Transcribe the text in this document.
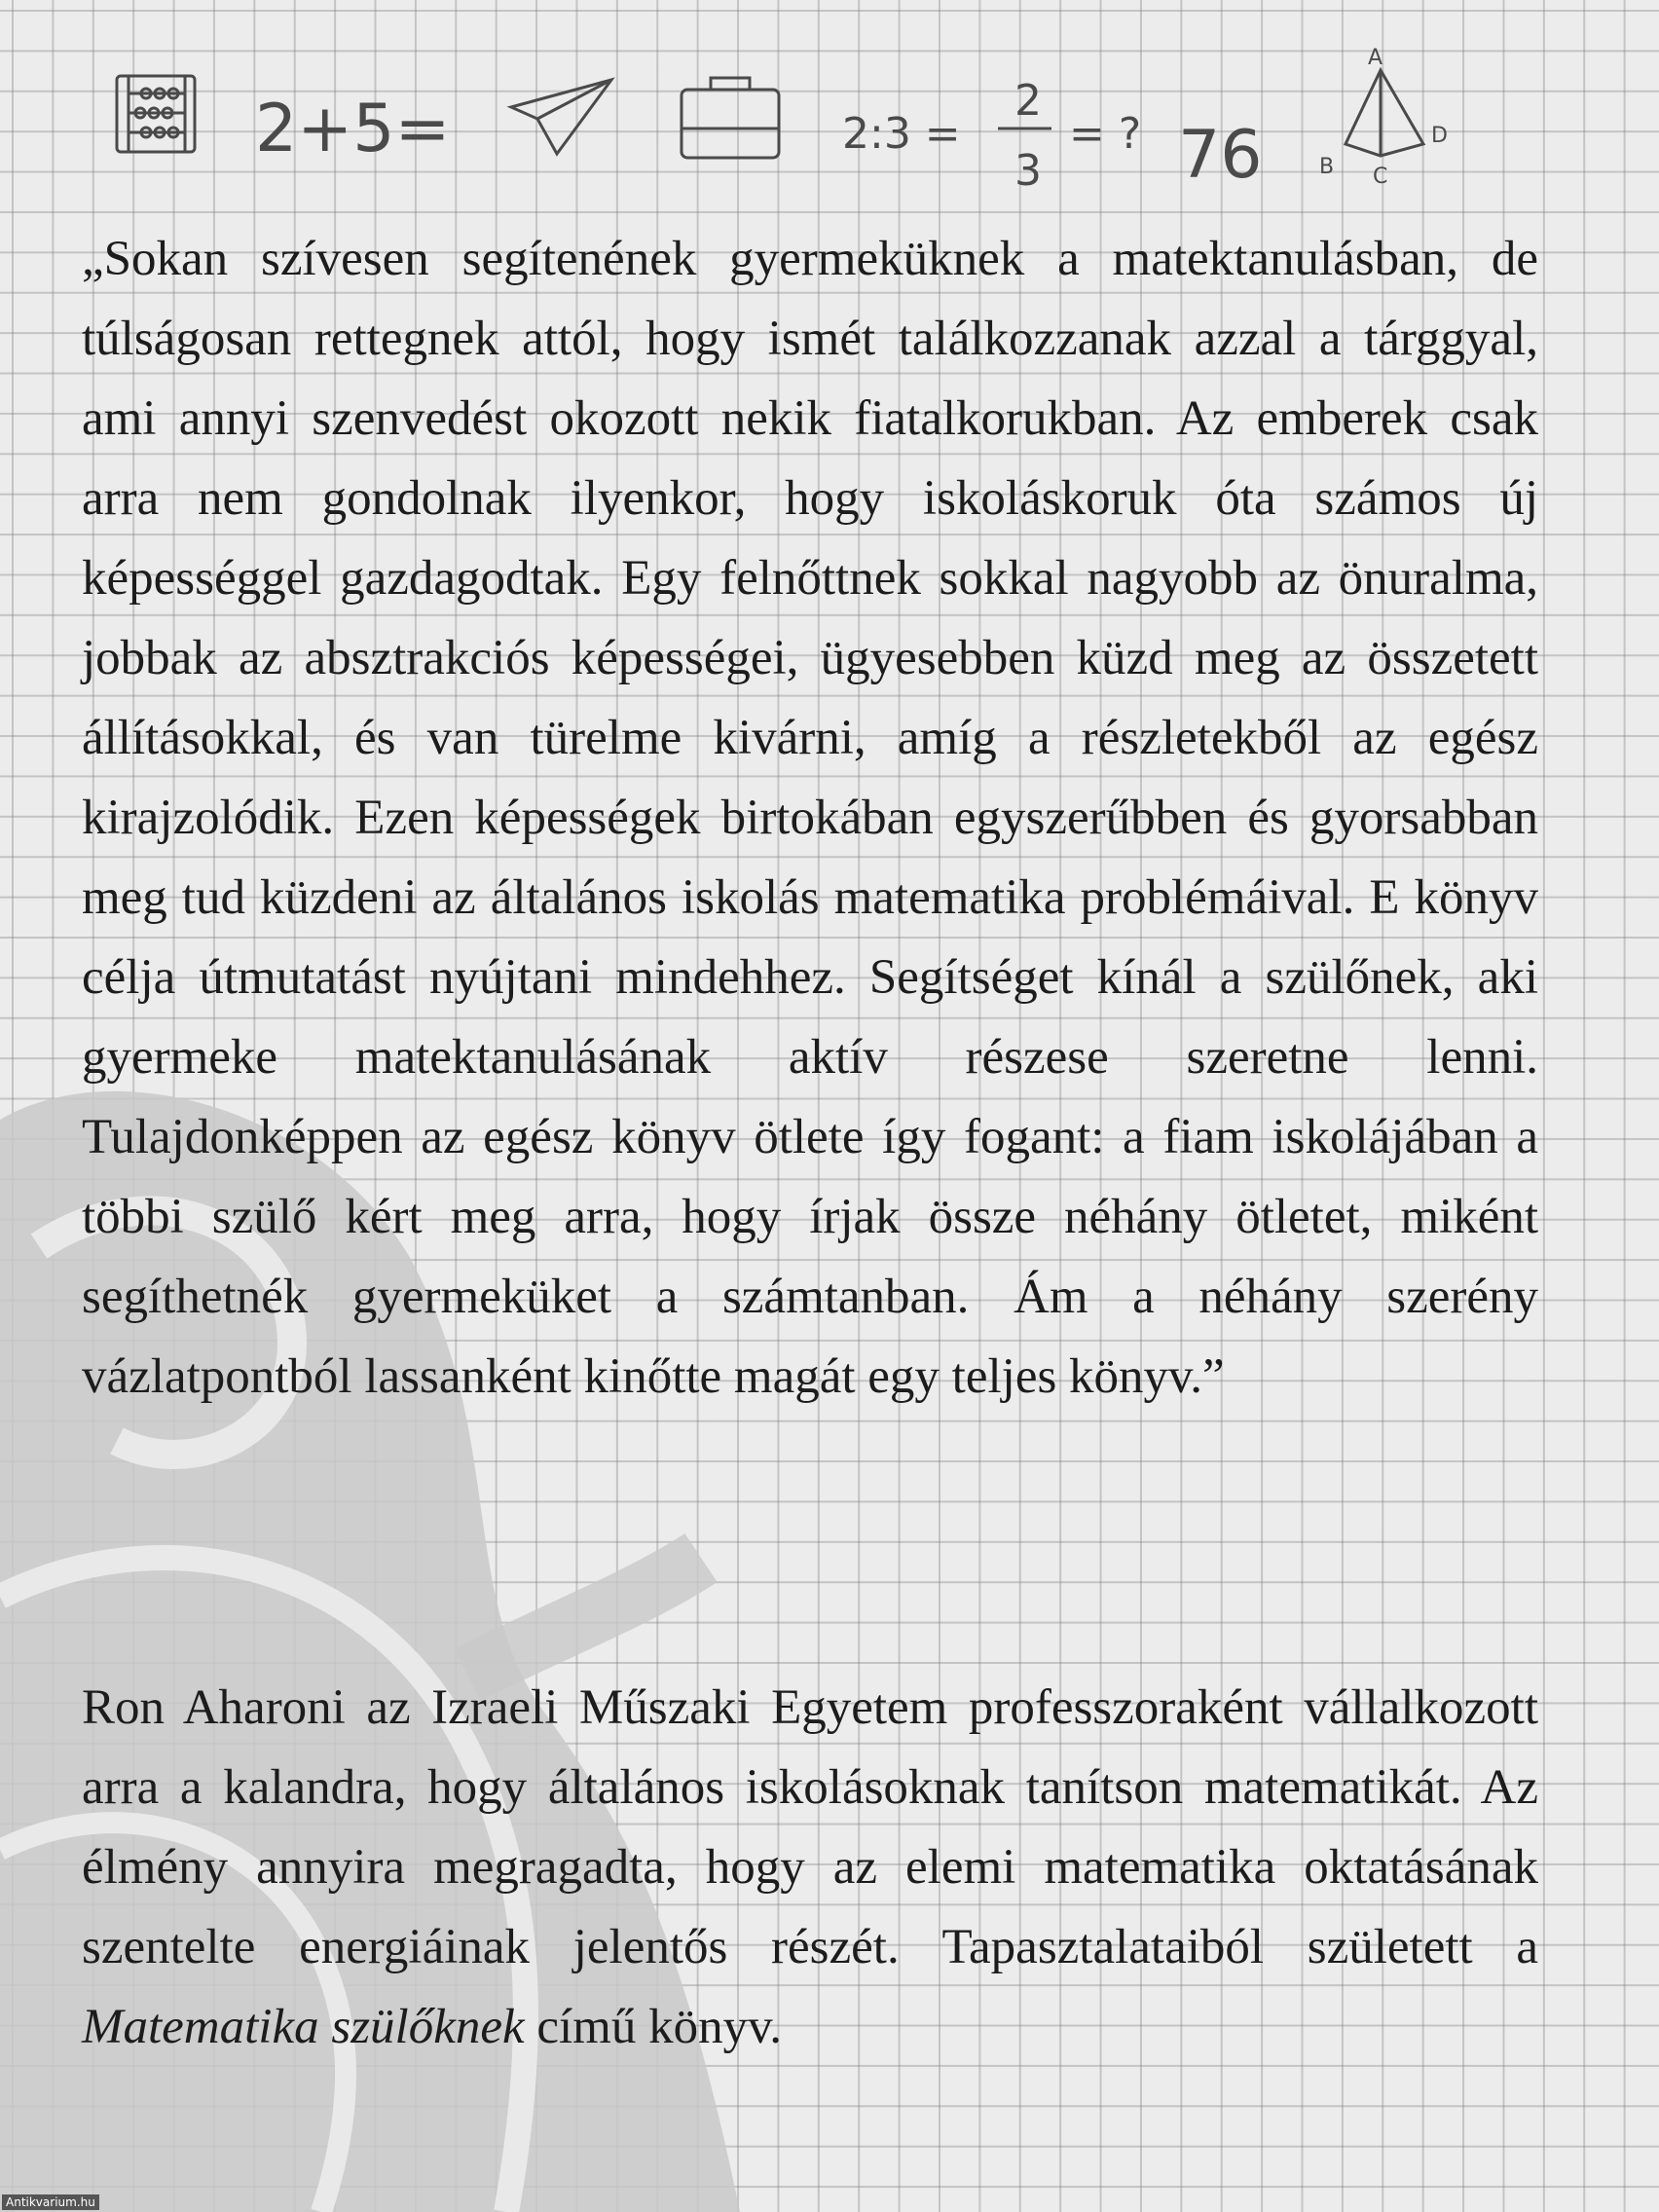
2+5=	2:3 =
2
3
= ? 76
A
B C
D

„Sokan szívesen segítenének gyermeküknek a matektanulásban, de túlságosan rettegnek attól, hogy ismét találkozzanak azzal a tárggyal, ami annyi szenvedést okozott nekik fiatalkorukban. Az emberek csak arra nem gondolnak ilyenkor, hogy iskoláskoruk óta számos új képességgel gazdagodtak. Egy felnőttnek sokkal nagyobb az önuralma, jobbak az absztrakciós képességei, ügyesebben küzd meg az összetett állításokkal, és van türelme kivárni, amíg a részletekből az egész kirajzolódik. Ezen képességek birtokában egyszerűbben és gyorsabban meg tud küzdeni az általános iskolás matematika problémáival. E könyv célja útmutatást nyújtani mindehhez. Segítséget kínál a szülőnek, aki gyermeke matektanulásának aktív részese szeretne lenni. Tulajdonképpen az egész könyv ötlete így fogant: a fiam iskolájában a többi szülő kért meg arra, hogy írjak össze néhány ötletet, miként segíthetnék gyermeküket a számtanban. Ám a néhány szerény vázlatpontból lassanként kinőtte magát egy teljes könyv.”

Ron Aharoni az Izraeli Műszaki Egyetem professzoraként vállalkozott arra a kalandra, hogy általános iskolásoknak tanítson matematikát. Az élmény annyira megragadta, hogy az elemi matematika oktatásának szentelte energiáinak jelentős részét. Tapasztalataiból született a Matematika szülőknek című könyv.

Antikvarium.hu
